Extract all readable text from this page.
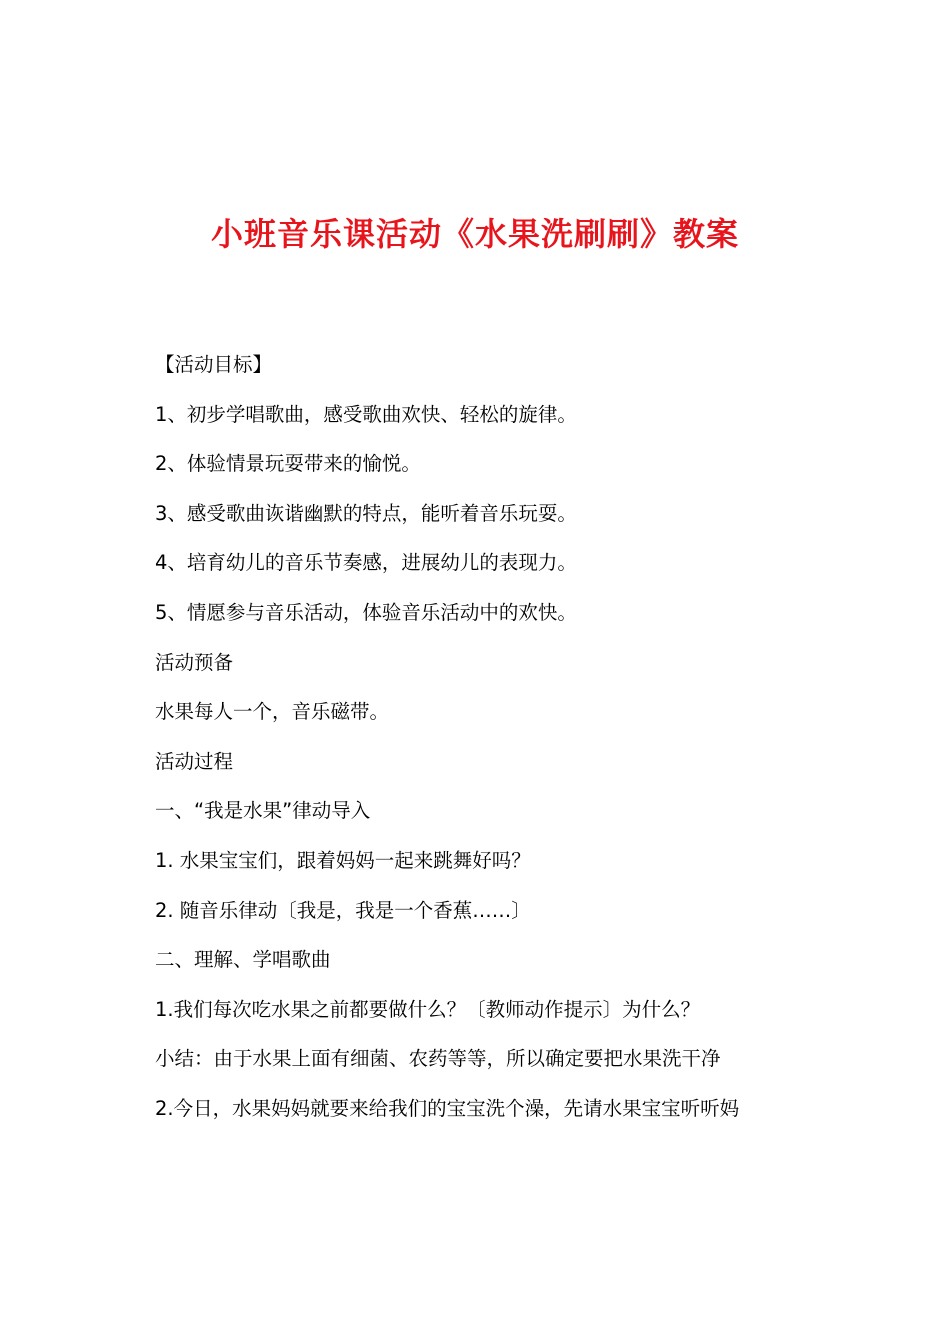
小班音乐课活动《水果洗刷刷》教案

【活动目标】

1、初步学唱歌曲，感受歌曲欢快、轻松的旋律。

2、体验情景玩耍带来的愉悦。

3、感受歌曲诙谐幽默的特点，能听着音乐玩耍。

4、培育幼儿的音乐节奏感，进展幼儿的表现力。

5、情愿参与音乐活动，体验音乐活动中的欢快。

活动预备

水果每人一个，音乐磁带。

活动过程

一、“我是水果”律动导入

1. 水果宝宝们，跟着妈妈一起来跳舞好吗？

2. 随音乐律动〔我是，我是一个香蕉……〕

二、理解、学唱歌曲

1.我们每次吃水果之前都要做什么？〔教师动作提示〕为什么？

小结：由于水果上面有细菌、农药等等，所以确定要把水果洗干净

2.今日，水果妈妈就要来给我们的宝宝洗个澡，先请水果宝宝听听妈
